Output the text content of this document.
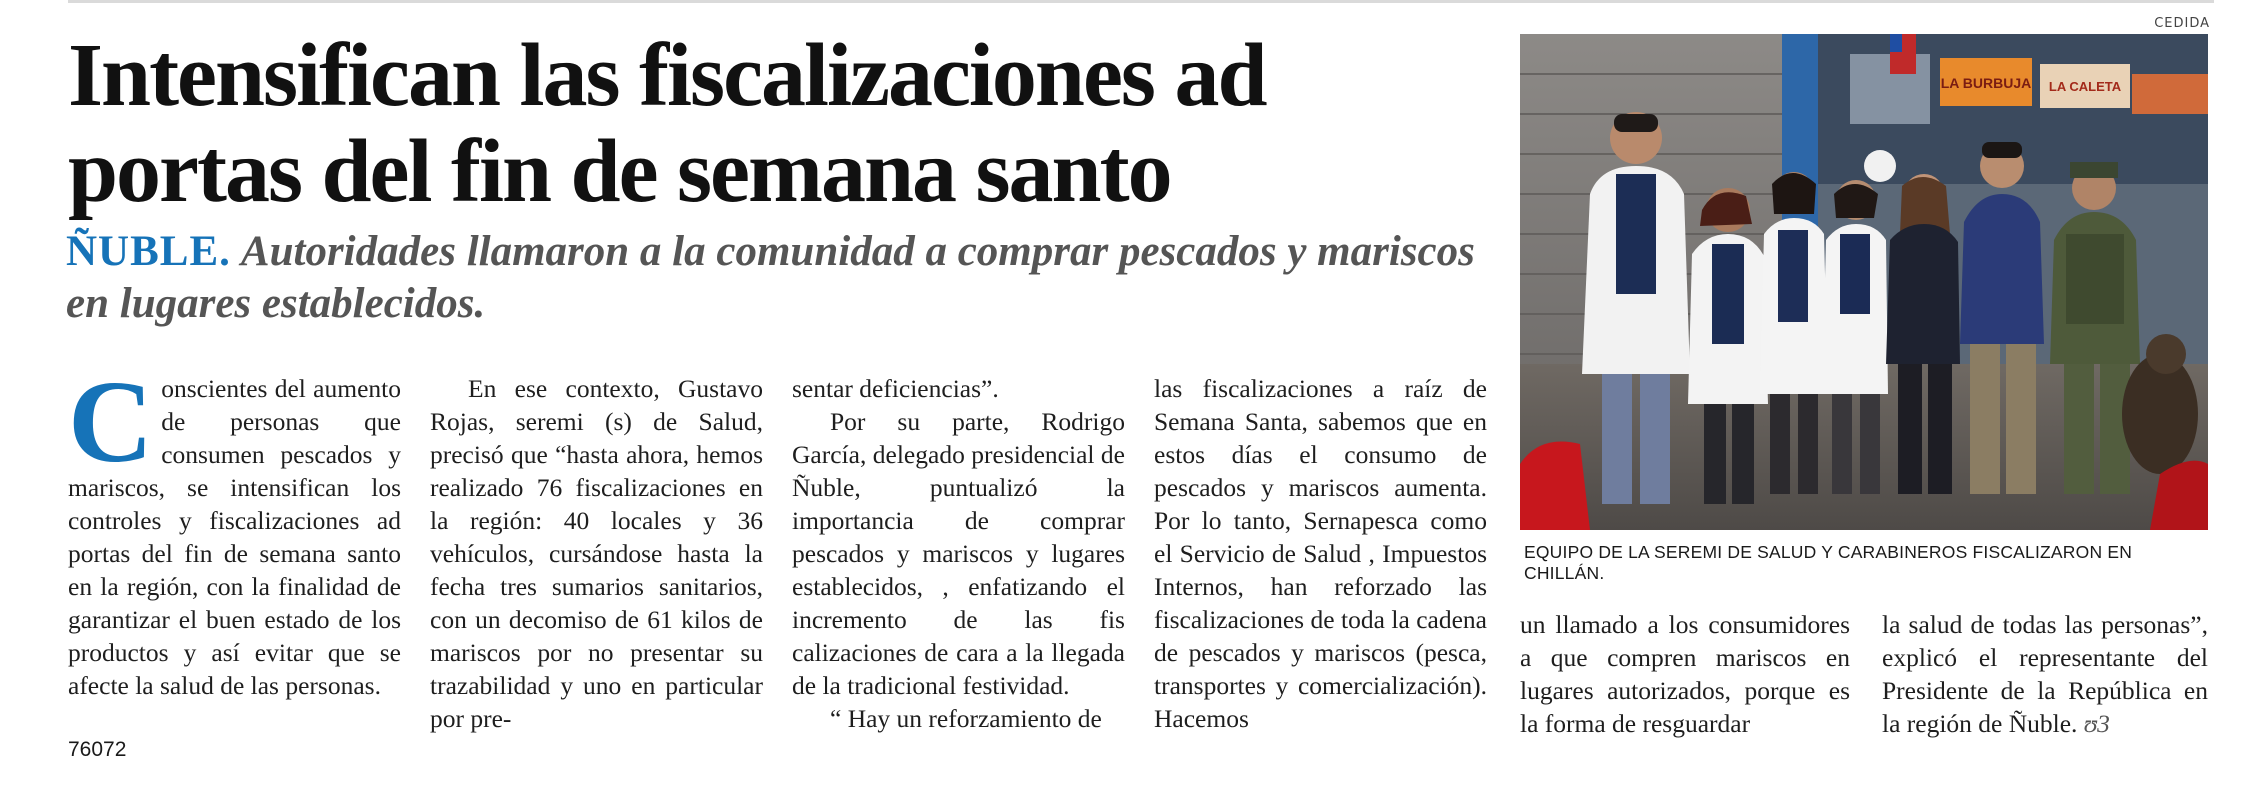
Intensifican las fiscalizaciones ad portas del fin de semana santo

ÑUBLE. Autoridades llamaron a la comunidad a comprar pescados y mariscos en lugares establecidos.

C onscientes del aumento de personas que consumen pescados y mariscos, se intensifican los controles y fiscalizaciones ad portas del fin de semana santo en la región, con la finalidad de garantizar el buen estado de los productos y así evitar que se afecte la salud de las personas.

En ese contexto, Gustavo Rojas, seremi (s) de Salud, precisó que “hasta ahora, hemos realizado 76 fiscalizaciones en la región: 40 locales y 36 vehículos, cursándose hasta la fecha tres sumarios sanitarios, con un decomiso de 61 kilos de mariscos por no presentar su trazabilidad y uno en particular por pre-

sentar deficiencias”.

Por su parte, Rodrigo García, delegado presidencial de Ñuble, puntualizó la importancia de comprar pescados y mariscos y lugares establecidos, , enfatizando el incremento de las fis calizaciones de cara a la llegada de la tradicional festividad.

“ Hay un reforzamiento de

las fiscalizaciones a raíz de Semana Santa, sabemos que en estos días el consumo de pescados y mariscos aumenta. Por lo tanto, Sernapesca como el Servicio de Salud , Impuestos Internos, han reforzado las fiscalizaciones de toda la cadena de pescados y mariscos (pesca, transportes y comercialización). Hacemos

un llamado a los consumidores a que compren mariscos en lugares autorizados, porque es la forma de resguardar

la salud de todas las personas”, explicó el representante del Presidente de la República en la región de Ñuble. ʊ3

CEDIDA

LA BURBUJA LA CALETA

EQUIPO DE LA SEREMI DE SALUD Y CARABINEROS FISCALIZARON EN CHILLÁN.

76072
